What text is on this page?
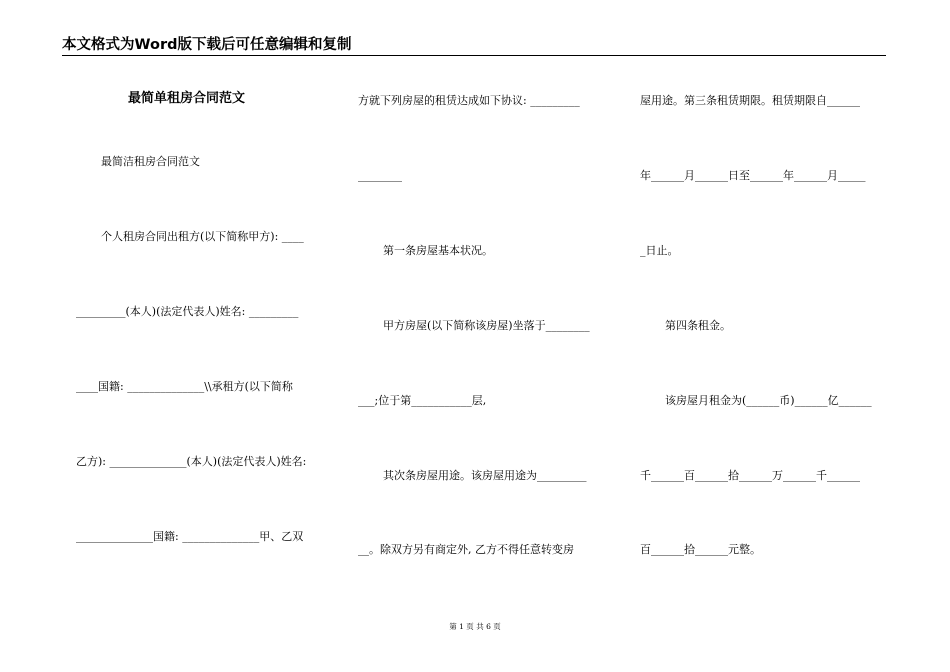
本文格式为Word版下载后可任意编辑和复制
最简单租房合同范文
最简洁租房合同范文
个人租房合同出租方(以下简称甲方): ____
_________(本人)(法定代表人)姓名: _________
____国籍: ______________\\承租方(以下简称
乙方): ______________(本人)(法定代表人)姓名:
______________国籍: ______________甲、乙双
方就下列房屋的租赁达成如下协议: _________
________
第一条房屋基本状况。
甲方房屋(以下简称该房屋)坐落于________
___;位于第___________层,
其次条房屋用途。该房屋用途为_________
__。除双方另有商定外, 乙方不得任意转变房
屋用途。第三条租赁期限。租赁期限自______
年______月______日至______年______月_____
_日止。
第四条租金。
该房屋月租金为(______币)______亿______
千______百______拾______万______千______
百______拾______元整。
第 1 页 共 6 页
